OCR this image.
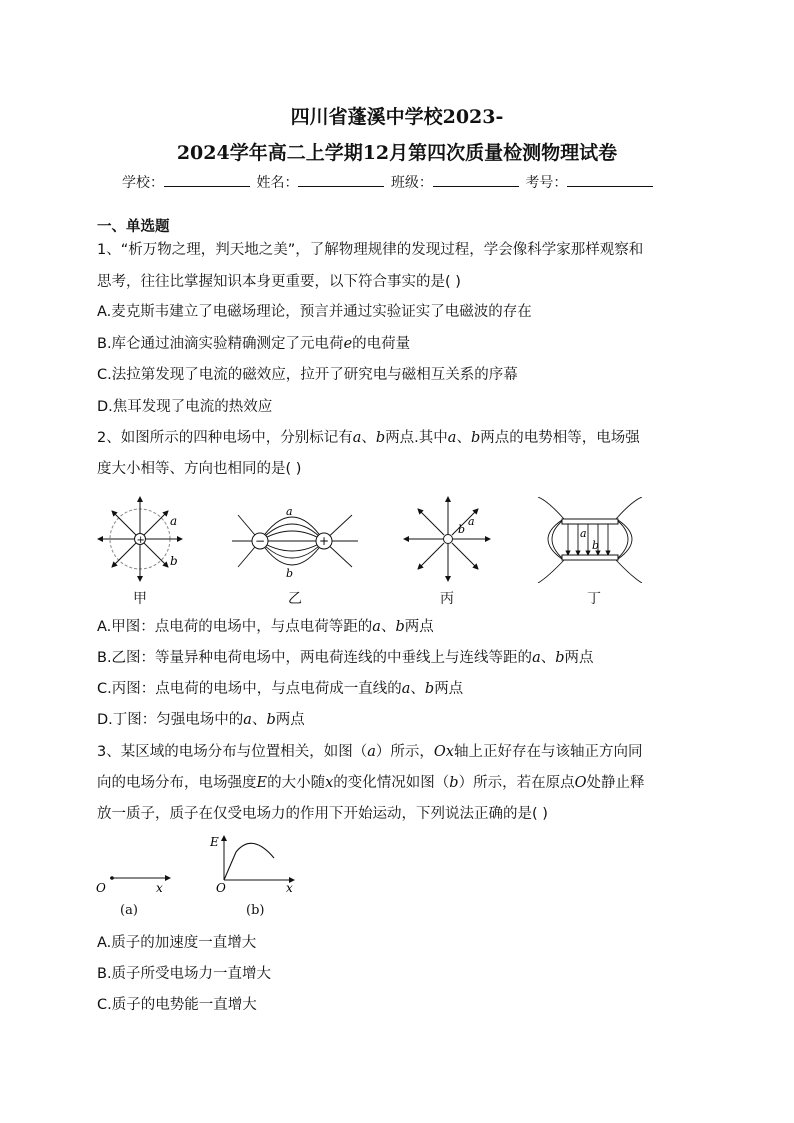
四川省蓬溪中学校2023-
2024学年高二上学期12月第四次质量检测物理试卷
学校：	姓名：	班级：	考号：
一、单选题
1、“析万物之理，判天地之美”，了解物理规律的发现过程，学会像科学家那样观察和
思考，往往比掌握知识本身更重要，以下符合事实的是( )
A.麦克斯韦建立了电磁场理论，预言并通过实验证实了电磁波的存在
B.库仑通过油滴实验精确测定了元电荷e的电荷量
C.法拉第发现了电流的磁效应，拉开了研究电与磁相互关系的序幕
D.焦耳发现了电流的热效应
2、如图所示的四种电场中，分别标记有a、b两点.其中a、b两点的电势相等，电场强
度大小相等、方向也相同的是( )
+
a
b
甲
−	+
a
b
乙
a
b
丙
a
b
丁
A.甲图：点电荷的电场中，与点电荷等距的a、b两点
B.乙图：等量异种电荷电场中，两电荷连线的中垂线上与连线等距的a、b两点
C.丙图：点电荷的电场中，与点电荷成一直线的a、b两点
D.丁图：匀强电场中的a、b两点
3、某区域的电场分布与位置相关，如图（a）所示，Ox轴上正好存在与该轴正方向同
向的电场分布，电场强度E的大小随x的变化情况如图（b）所示，若在原点O处静止释
放一质子，质子在仅受电场力的作用下开始运动，下列说法正确的是( )
O	x
(a)
E
O	x
(b)
A.质子的加速度一直增大
B.质子所受电场力一直增大
C.质子的电势能一直增大
